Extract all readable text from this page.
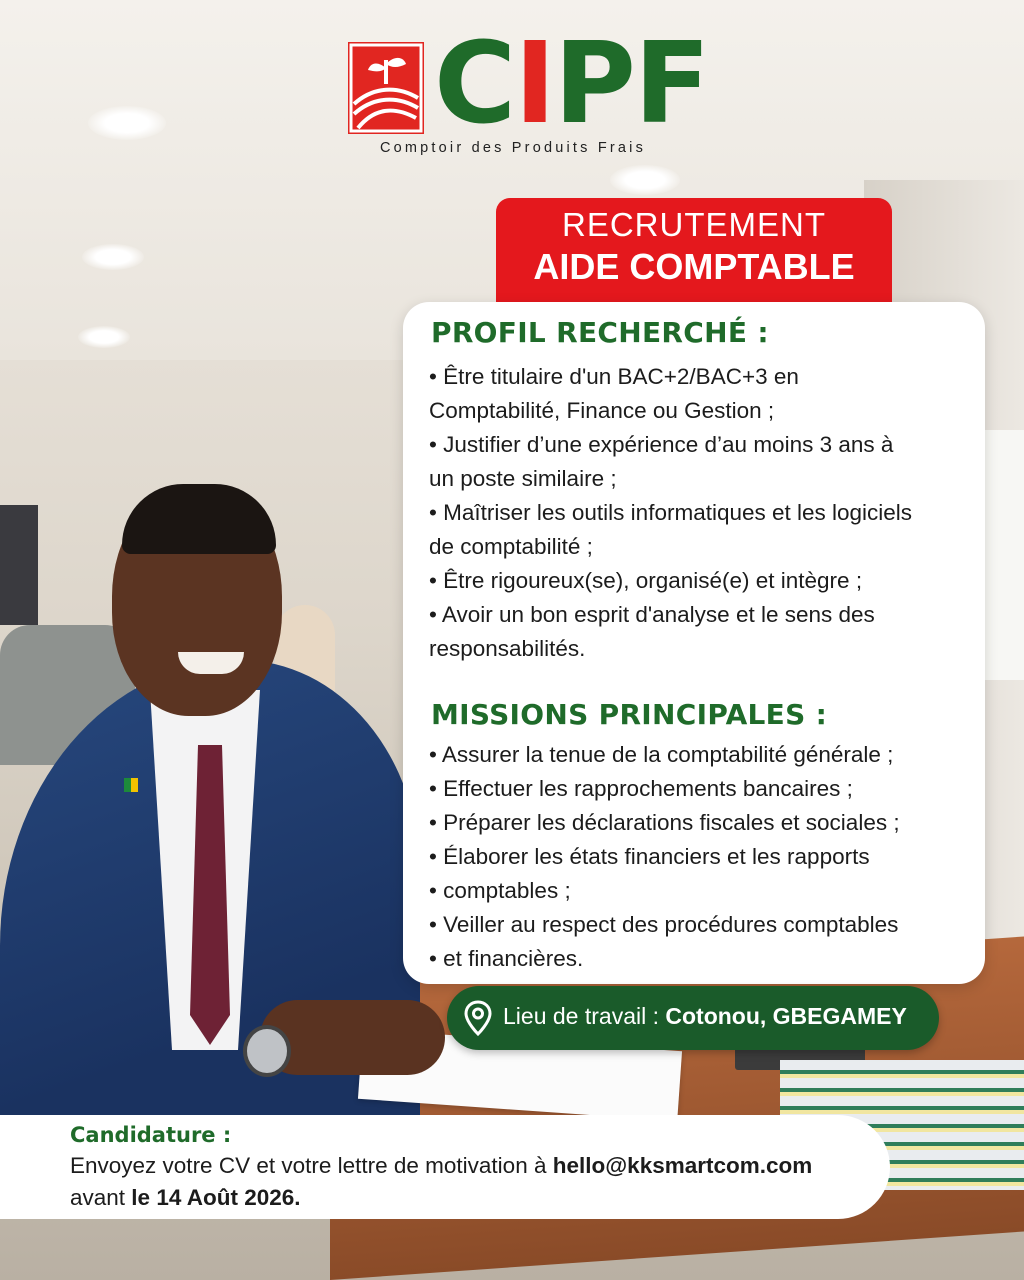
CIPF
Comptoir des Produits Frais
RECRUTEMENT
AIDE COMPTABLE
PROFIL RECHERCHÉ :
• Être titulaire d'un BAC+2/BAC+3 en
Comptabilité, Finance ou Gestion ;
• Justifier d’une expérience d’au moins 3 ans à
un poste similaire ;
• Maîtriser les outils informatiques et les logiciels
de comptabilité ;
• Être rigoureux(se), organisé(e) et intègre ;
• Avoir un bon esprit d'analyse et le sens des
responsabilités.
MISSIONS PRINCIPALES :
• Assurer la tenue de la comptabilité générale ;
• Effectuer les rapprochements bancaires ;
• Préparer les déclarations fiscales et sociales ;
• Élaborer les états financiers et les rapports
• comptables ;
• Veiller au respect des procédures comptables
• et financières.
Lieu de travail : Cotonou, GBEGAMEY
Candidature :
Envoyez votre CV et votre lettre de motivation à hello@kksmartcom.com
avant le 14 Août 2026.
